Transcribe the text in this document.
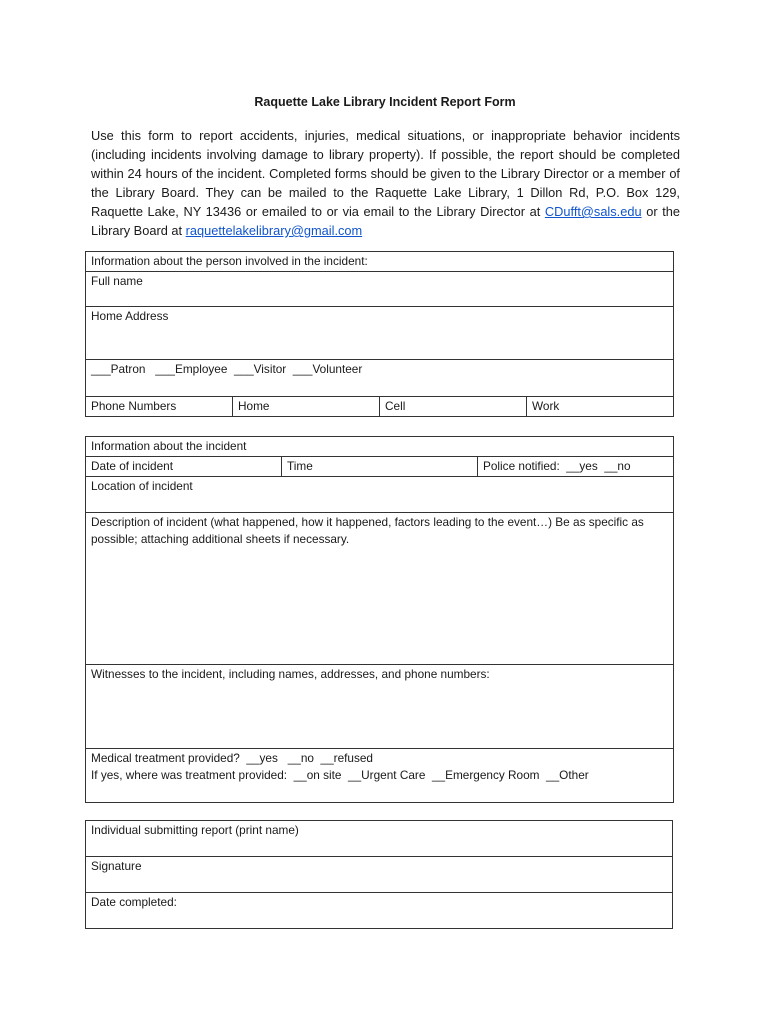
Raquette Lake Library Incident Report Form
Use this form to report accidents, injuries, medical situations, or inappropriate behavior incidents (including incidents involving damage to library property). If possible, the report should be completed within 24 hours of the incident. Completed forms should be given to the Library Director or a member of the Library Board. They can be mailed to the Raquette Lake Library, 1 Dillon Rd, P.O. Box 129, Raquette Lake, NY 13436 or emailed to or via email to the Library Director at CDufft@sals.edu or the Library Board at raquettelakelibrary@gmail.com
Information about the person involved in the incident:
Full name
Home Address
___Patron   ___Employee  ___Visitor  ___Volunteer
Phone Numbers	Home	Cell	Work
Information about the incident
Date of incident	Time	Police notified:  __yes  __no
Location of incident
Description of incident (what happened, how it happened, factors leading to the event…) Be as specific as possible; attaching additional sheets if necessary.
Witnesses to the incident, including names, addresses, and phone numbers:

Medical treatment provided?  __yes   __no  __refused
If yes, where was treatment provided:  __on site  __Urgent Care  __Emergency Room  __Other
Individual submitting report (print name)
Signature
Date completed:
